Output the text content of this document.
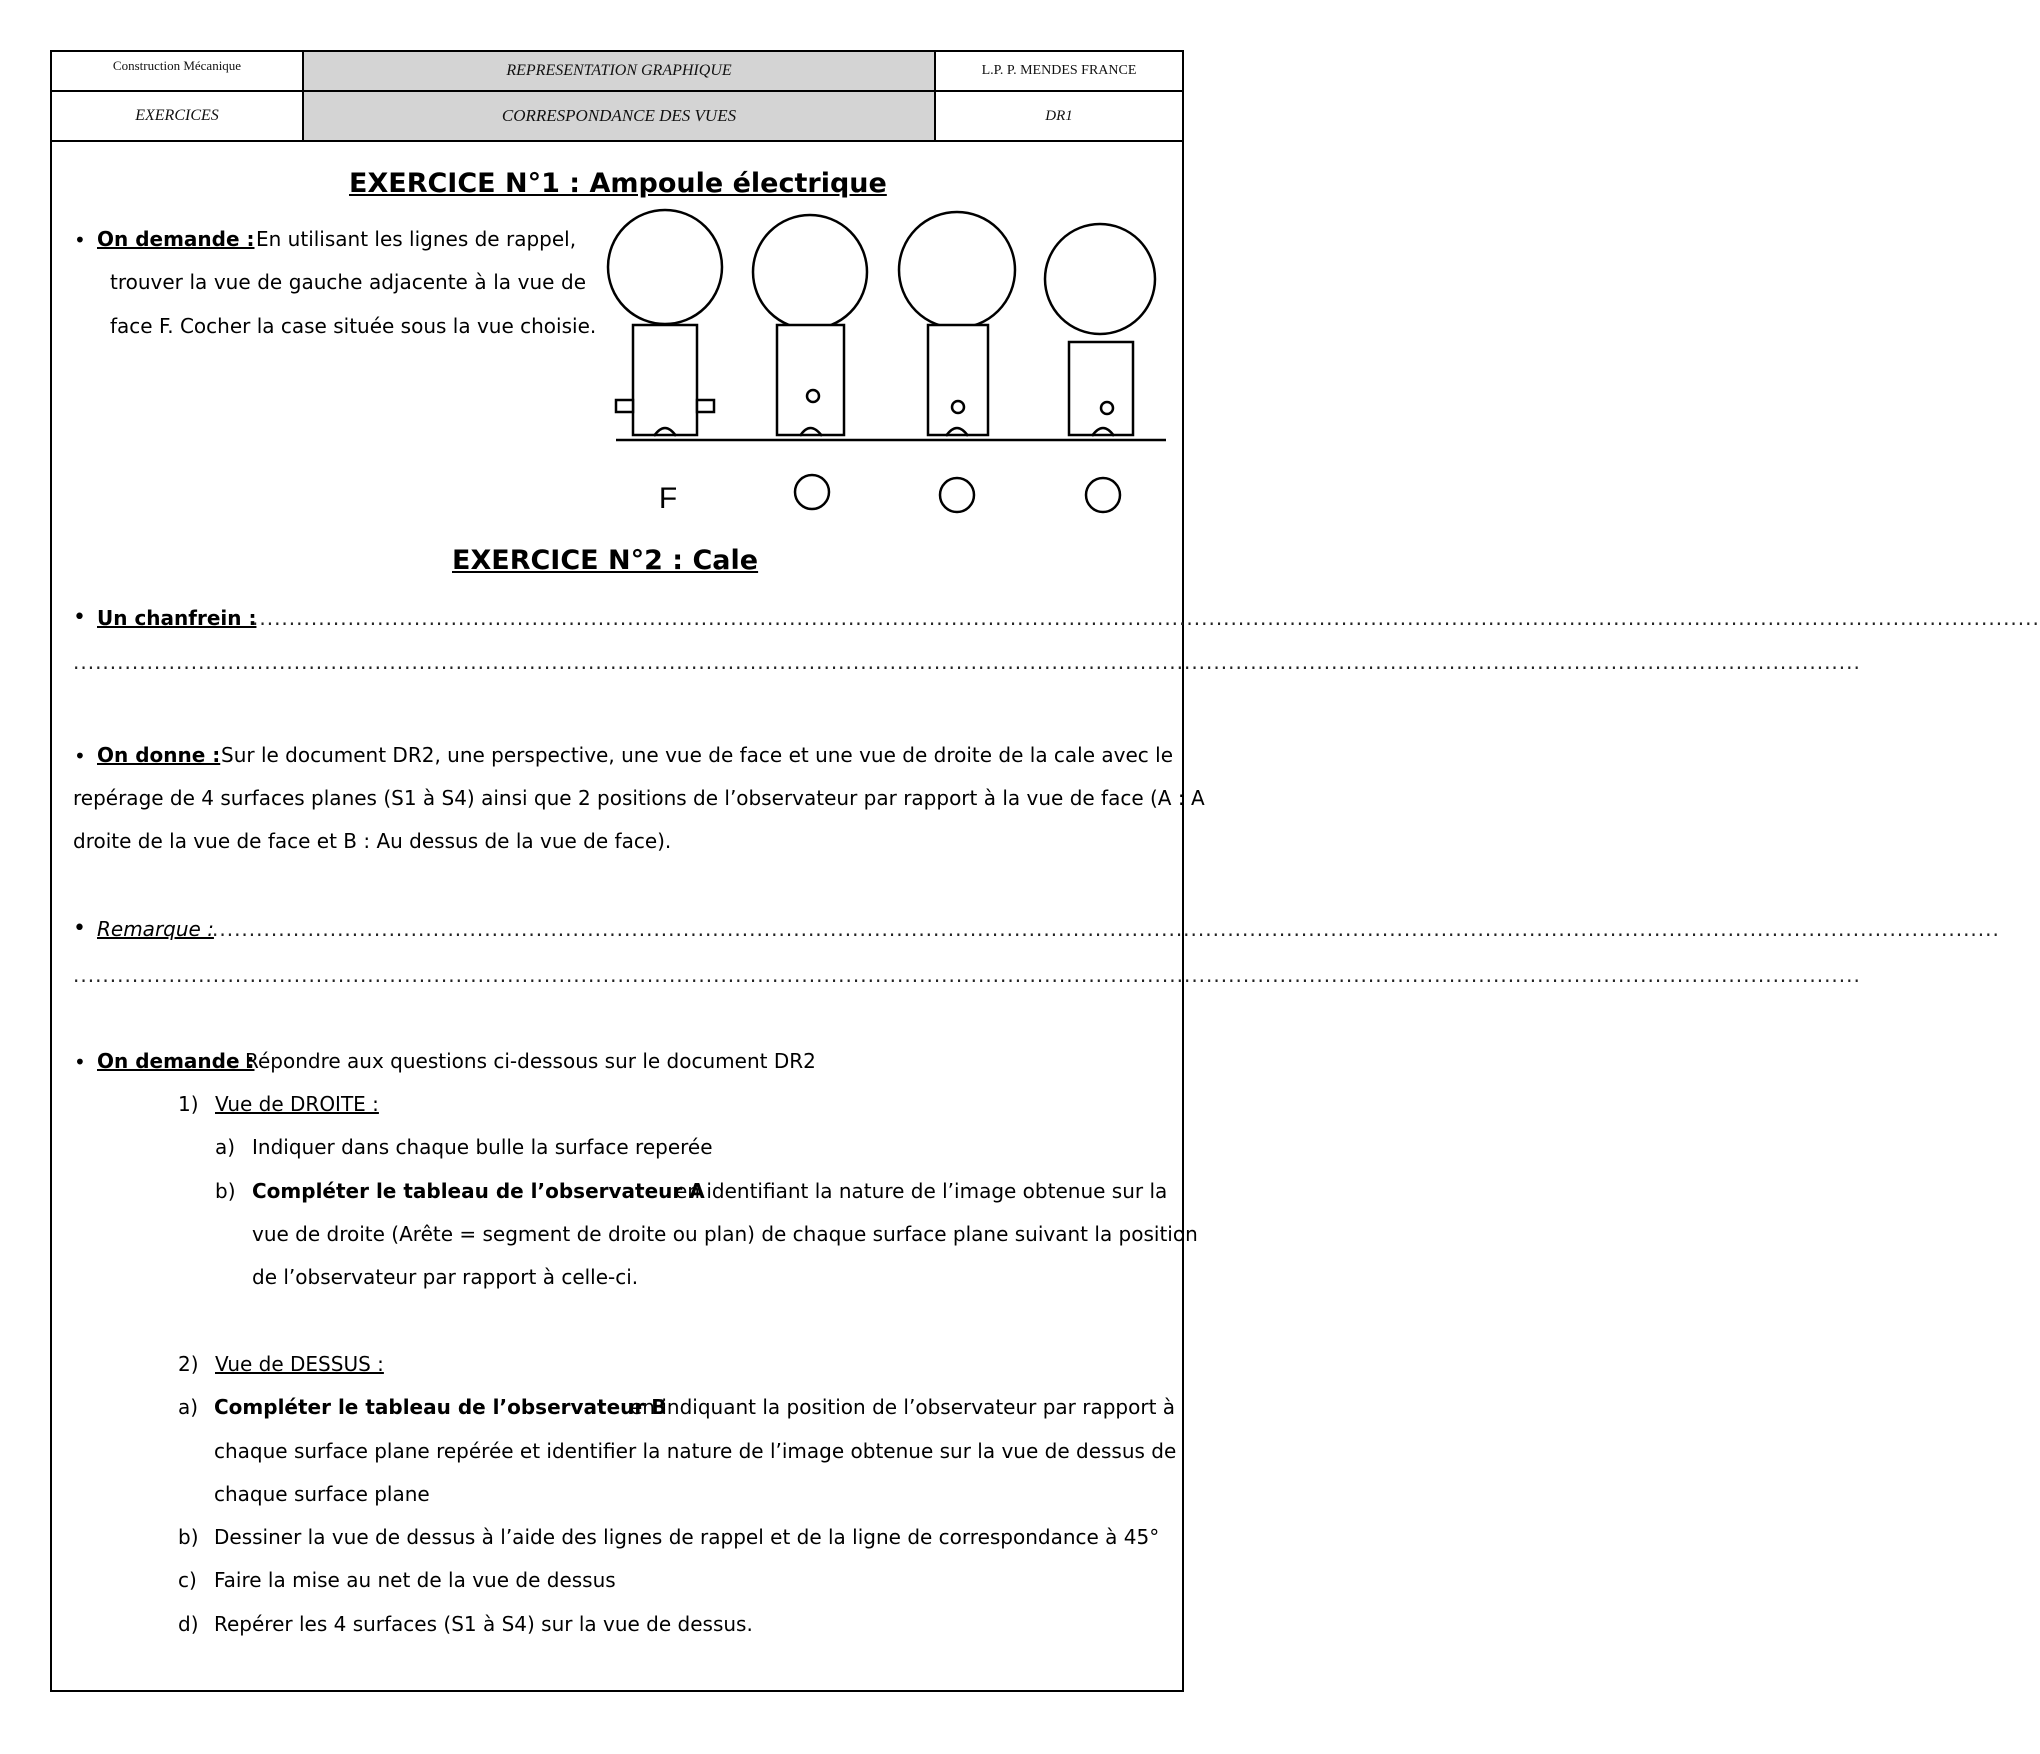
Construction Mécanique
EXERCICES
REPRESENTATION GRAPHIQUE
CORRESPONDANCE DES VUES
L.P. P. MENDES FRANCE
DR1
EXERCICE N°1 : Ampoule électrique
• On demande : En utilisant les lignes de rappel,
trouver la vue de gauche adjacente à la vue de
face F. Cocher la case située sous la vue choisie.
F
EXERCICE N°2 : Cale
• Un chanfrein :
...................................................................................................................................................................................................................................................
...................................................................................................................................................................................................................................................
• On donne : Sur le document DR2, une perspective, une vue de face et une vue de droite de la cale avec le
repérage de 4 surfaces planes (S1 à S4) ainsi que 2 positions de l’observateur par rapport à la vue de face (A : A
droite de la vue de face et B : Au dessus de la vue de face).
• Remarque :
...................................................................................................................................................................................................................................................
...................................................................................................................................................................................................................................................
• On demande :
Répondre aux questions ci-dessous sur le document DR2
1) Vue de DROITE :
a) Indiquer dans chaque bulle la surface reperée
b) Compléter le tableau de l’observateur A
en identifiant la nature de l’image obtenue sur la
vue de droite (Arête = segment de droite ou plan) de chaque surface plane suivant la position
de l’observateur par rapport à celle-ci.
2) Vue de DESSUS :
a) Compléter le tableau de l’observateur B
en indiquant la position de l’observateur par rapport à
chaque surface plane repérée et identifier la nature de l’image obtenue sur la vue de dessus de
chaque surface plane
b) Dessiner la vue de dessus à l’aide des lignes de rappel et de la ligne de correspondance à 45°
c) Faire la mise au net de la vue de dessus
d) Repérer les 4 surfaces (S1 à S4) sur la vue de dessus.
